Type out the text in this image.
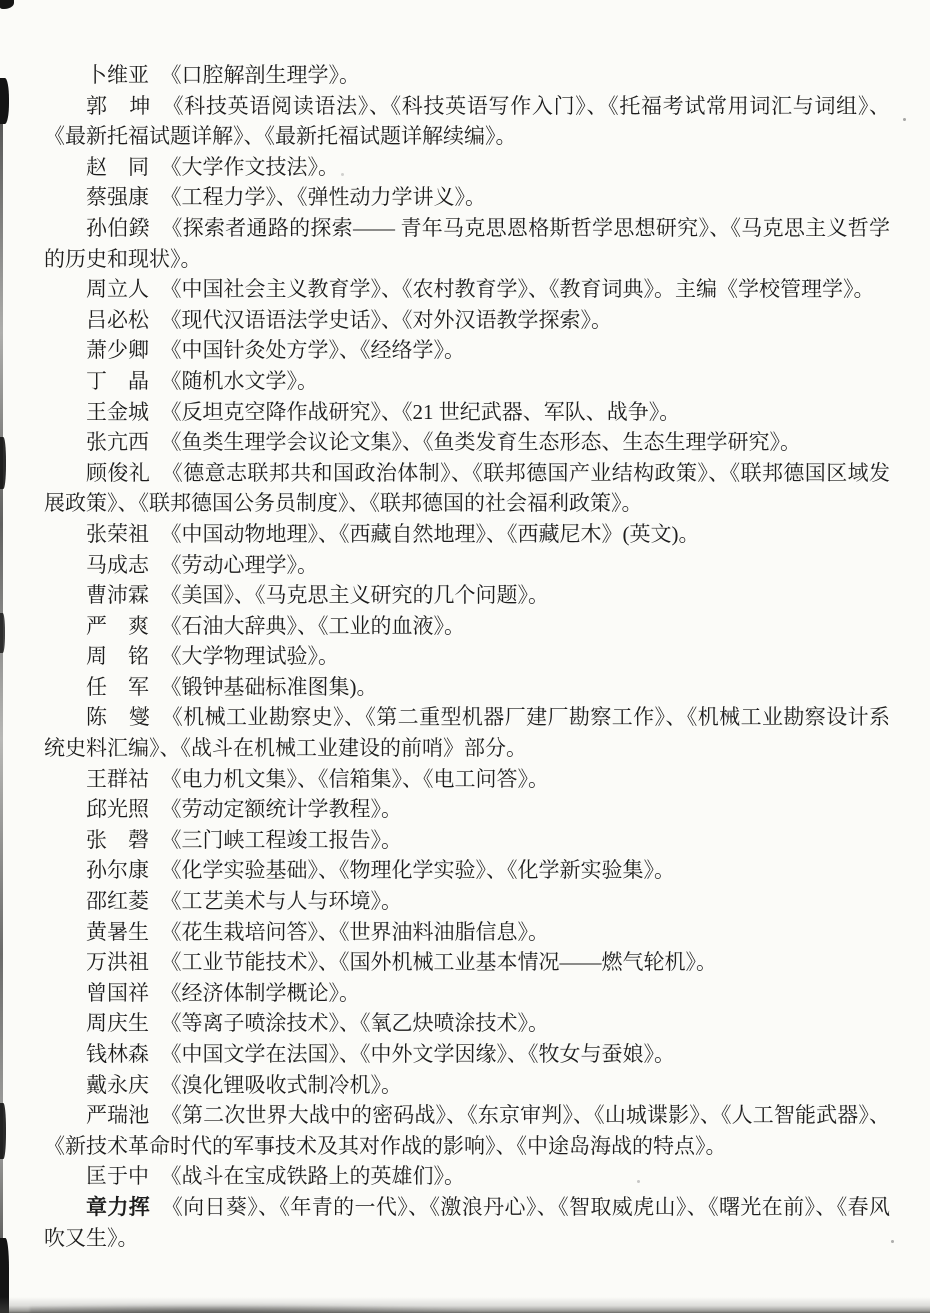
卜维亚 《口腔解剖生理学》。

郭　坤 《科技英语阅读语法》、《科技英语写作入门》、《托福考试常用词汇与词组》、《最新托福试题详解》、《最新托福试题详解续编》。

赵　同 《大学作文技法》。

蔡强康 《工程力学》、《弹性动力学讲义》。

孙伯鍨 《探索者通路的探索—— 青年马克思恩格斯哲学思想研究》、《马克思主义哲学的历史和现状》。

周立人 《中国社会主义教育学》、《农村教育学》、《教育词典》。主编《学校管理学》。

吕必松 《现代汉语语法学史话》、《对外汉语教学探索》。

萧少卿 《中国针灸处方学》、《经络学》。

丁　晶 《随机水文学》。

王金城 《反坦克空降作战研究》、《21 世纪武器、军队、战争》。

张亢西 《鱼类生理学会议论文集》、《鱼类发育生态形态、生态生理学研究》。

顾俊礼 《德意志联邦共和国政治体制》、《联邦德国产业结构政策》、《联邦德国区域发展政策》、《联邦德国公务员制度》、《联邦德国的社会福利政策》。

张荣祖 《中国动物地理》、《西藏自然地理》、《西藏尼木》(英文)。

马成志 《劳动心理学》。

曹沛霖 《美国》、《马克思主义研究的几个问题》。

严　爽 《石油大辞典》、《工业的血液》。

周　铭 《大学物理试验》。

任　军 《锻钟基础标准图集)。

陈　燮 《机械工业勘察史》、《第二重型机器厂建厂勘察工作》、《机械工业勘察设计系统史料汇编》、《战斗在机械工业建设的前哨》部分。

王群祜 《电力机文集》、《信箱集》、《电工问答》。

邱光照 《劳动定额统计学教程》。

张　磬 《三门峡工程竣工报告》。

孙尔康 《化学实验基础》、《物理化学实验》、《化学新实验集》。

邵红菱 《工艺美术与人与环境》。

黄暑生 《花生栽培问答》、《世界油料油脂信息》。

万洪祖 《工业节能技术》、《国外机械工业基本情况——燃气轮机》。

曾国祥 《经济体制学概论》。

周庆生 《等离子喷涂技术》、《氧乙炔喷涂技术》。

钱林森 《中国文学在法国》、《中外文学因缘》、《牧女与蚕娘》。

戴永庆 《溴化锂吸收式制冷机》。

严瑞池 《第二次世界大战中的密码战》、《东京审判》、《山城谍影》、《人工智能武器》、《新技术革命时代的军事技术及其对作战的影响》、《中途岛海战的特点》。

匡于中 《战斗在宝成铁路上的英雄们》。

章力挥 《向日葵》、《年青的一代》、《激浪丹心》、《智取威虎山》、《曙光在前》、《春风吹又生》。
